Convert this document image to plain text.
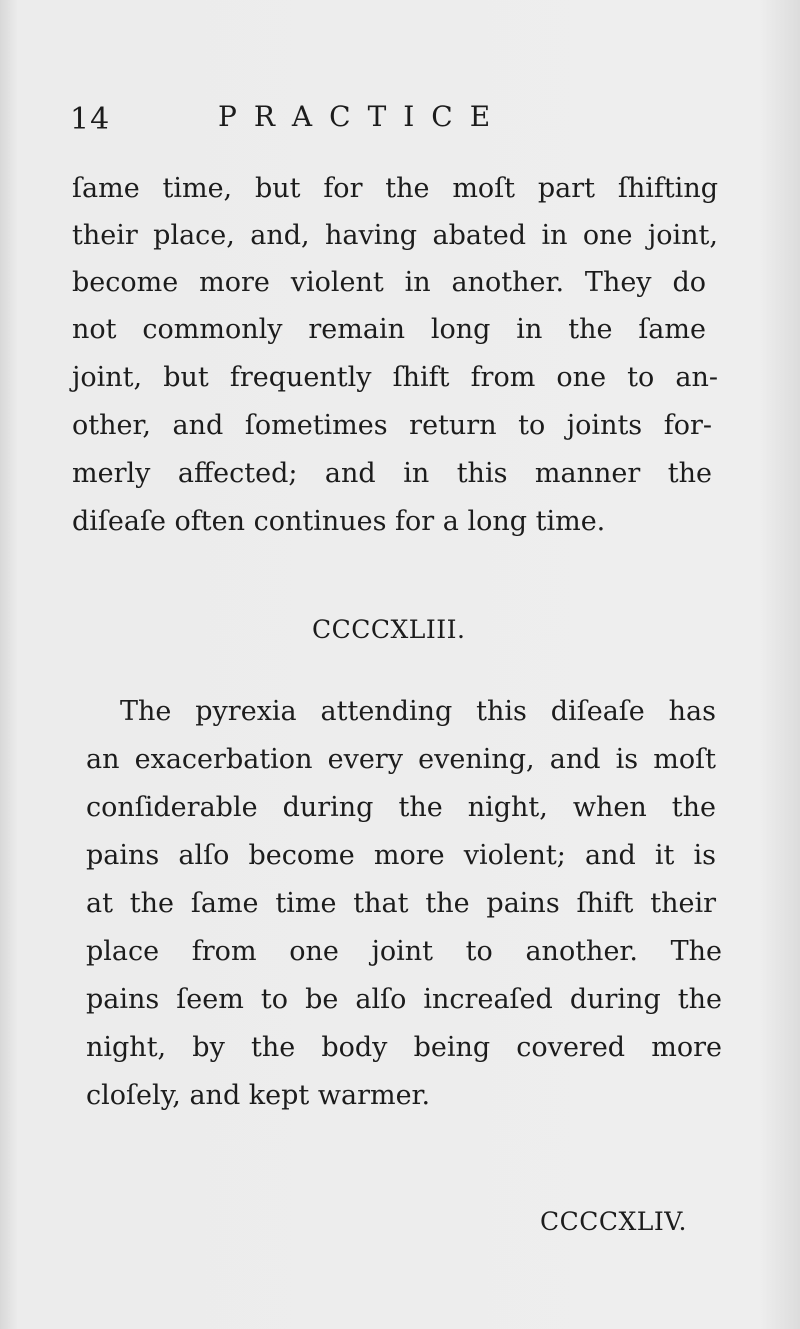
14	PRACTICE
ſame time, but for the moſt part ſhifting
their place, and, having abated in one joint,
become more violent in another. They do
not commonly remain long in the ſame
joint, but frequently ſhift from one to an-
other, and ſometimes return to joints for-
merly affected; and in this manner the
diſeaſe often continues for a long time.
CCCCXLIII.
The pyrexia attending this diſeaſe has
an exacerbation every evening, and is moſt
conſiderable during the night, when the
pains alſo become more violent; and it is
at the ſame time that the pains ſhift their
place from one joint to another. The
pains ſeem to be alſo increaſed during the
night, by the body being covered more
cloſely, and kept warmer.
CCCCXLIV.
